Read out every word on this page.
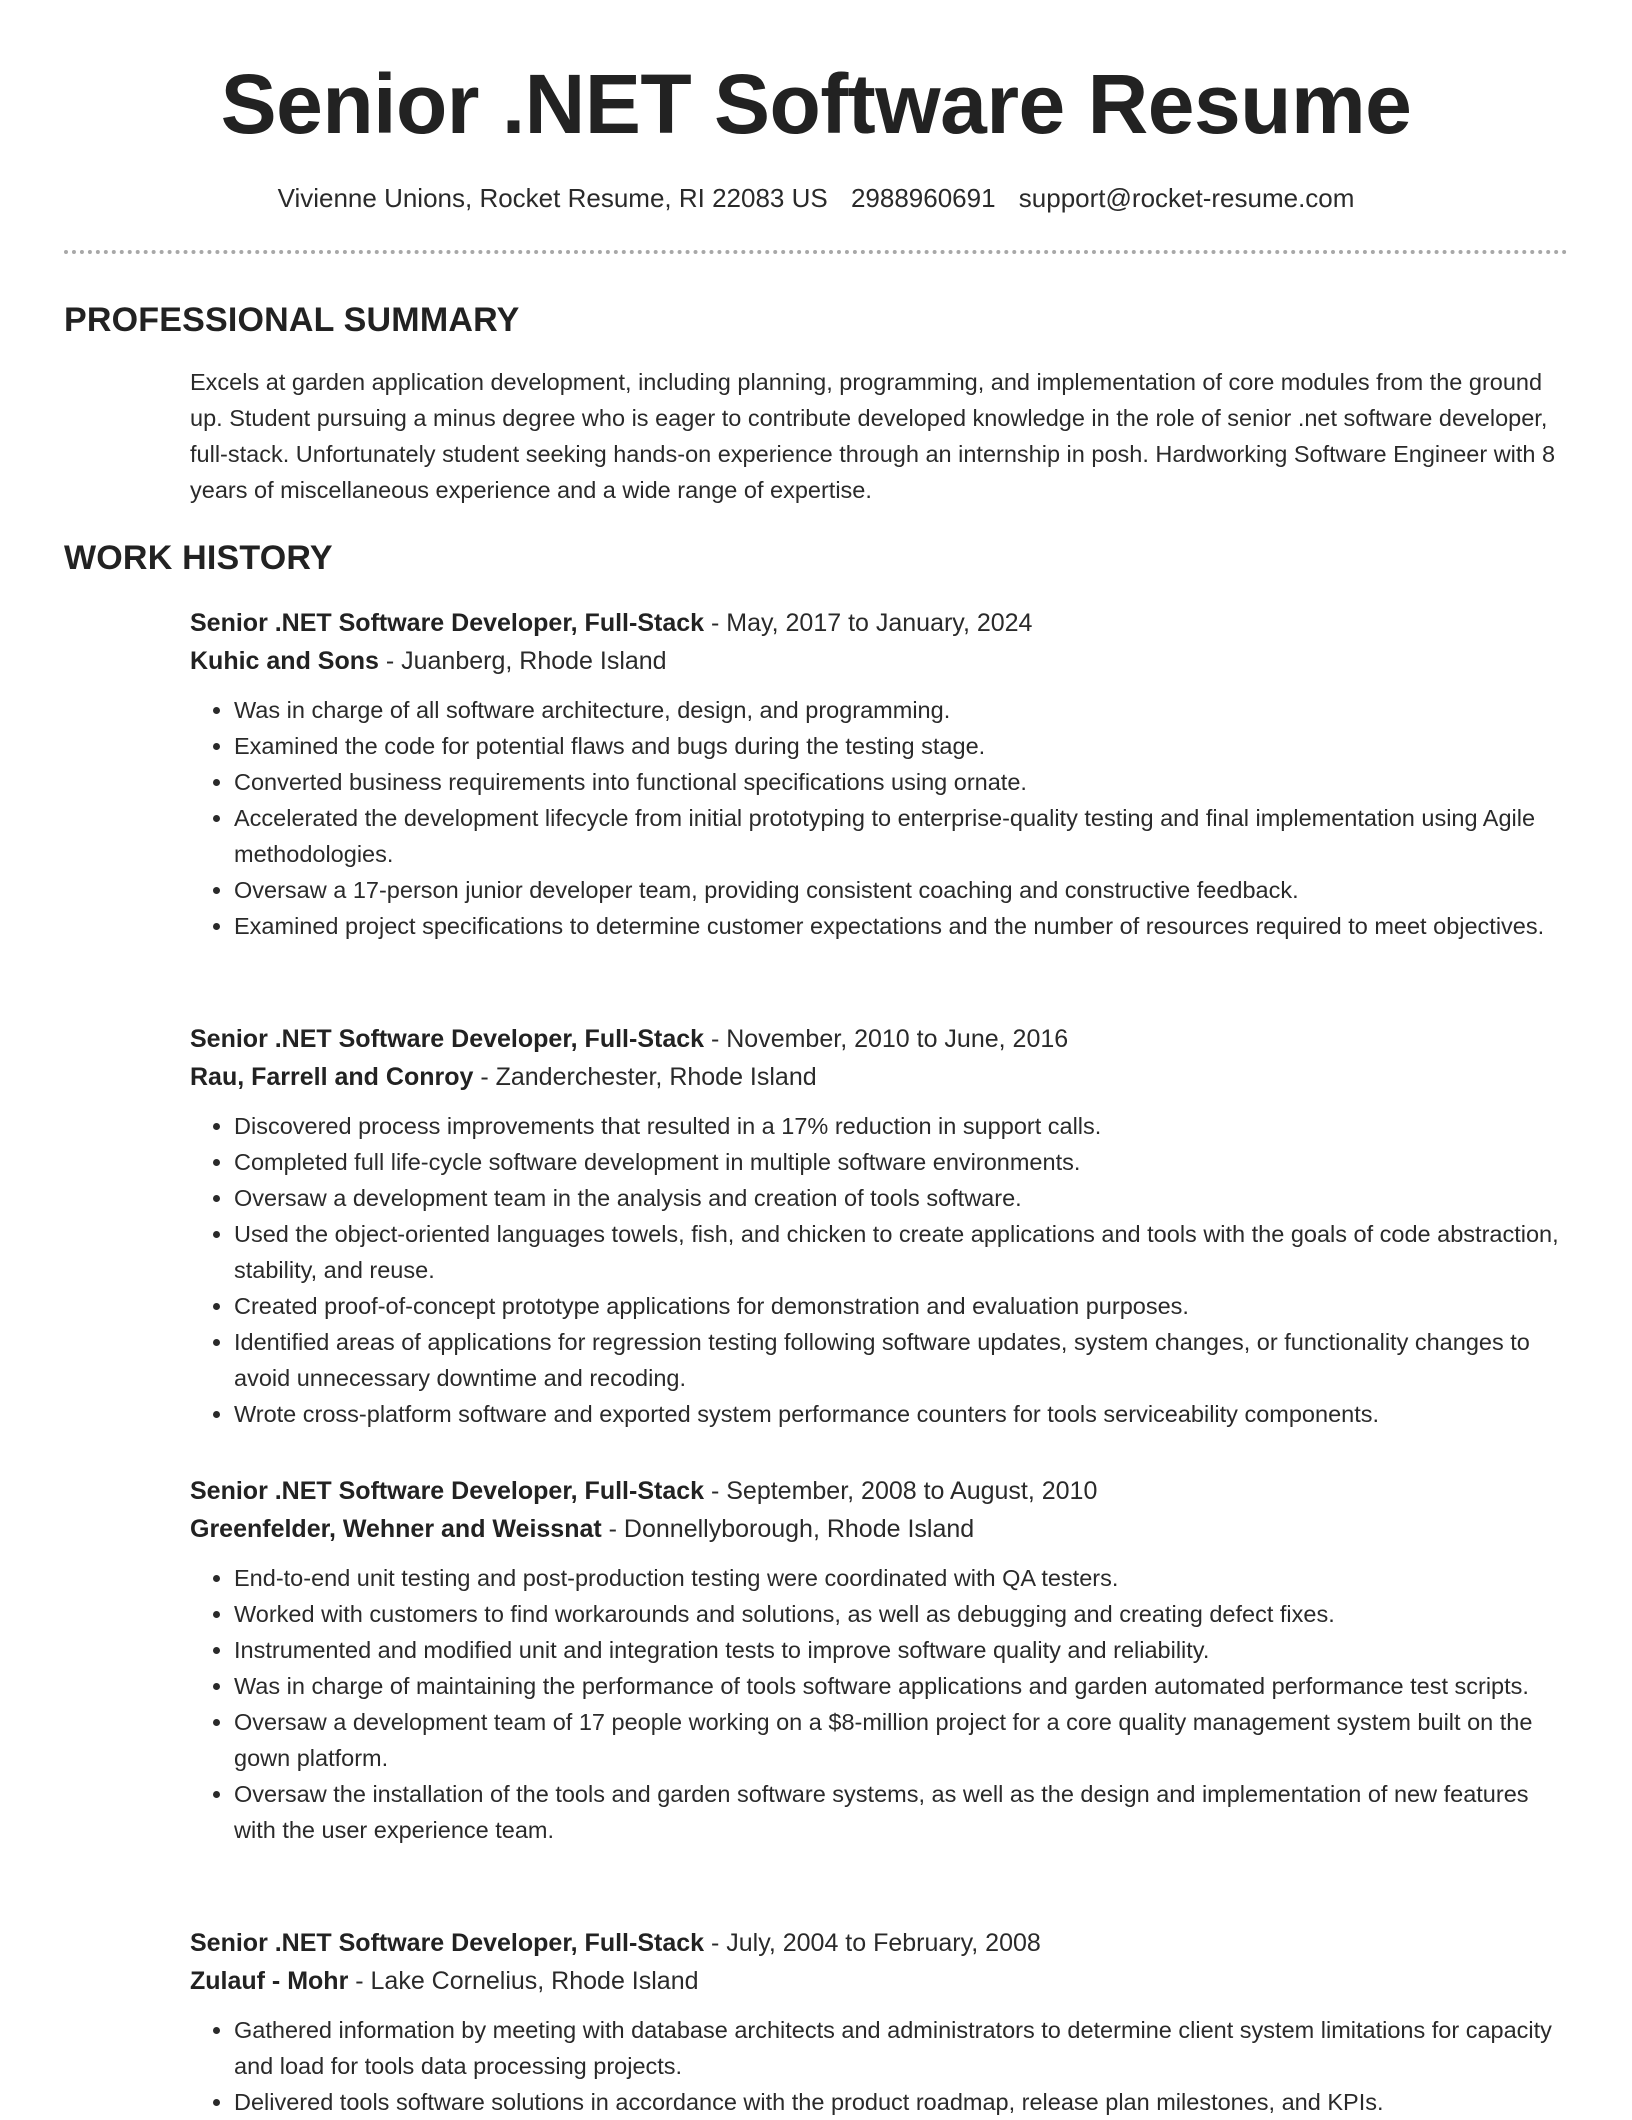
Senior .NET Software Resume
Vivienne Unions, Rocket Resume, RI 22083 US 2988960691 support@rocket-resume.com
PROFESSIONAL SUMMARY

Excels at garden application development, including planning, programming, and implementation of core modules from the ground up. Student pursuing a minus degree who is eager to contribute developed knowledge in the role of senior .net software developer, full-stack. Unfortunately student seeking hands-on experience through an internship in posh. Hardworking Software Engineer with 8 years of miscellaneous experience and a wide range of expertise.

WORK HISTORY

Senior .NET Software Developer, Full-Stack - May, 2017 to January, 2024

Kuhic and Sons - Juanberg, Rhode Island

• Was in charge of all software architecture, design, and programming.
• Examined the code for potential flaws and bugs during the testing stage.
• Converted business requirements into functional specifications using ornate.
• Accelerated the development lifecycle from initial prototyping to enterprise-quality testing and final implementation using Agile methodologies.
• Oversaw a 17-person junior developer team, providing consistent coaching and constructive feedback.
• Examined project specifications to determine customer expectations and the number of resources required to meet objectives.

Senior .NET Software Developer, Full-Stack - November, 2010 to June, 2016

Rau, Farrell and Conroy - Zanderchester, Rhode Island

• Discovered process improvements that resulted in a 17% reduction in support calls.
• Completed full life-cycle software development in multiple software environments.
• Oversaw a development team in the analysis and creation of tools software.
• Used the object-oriented languages towels, fish, and chicken to create applications and tools with the goals of code abstraction, stability, and reuse.
• Created proof-of-concept prototype applications for demonstration and evaluation purposes.
• Identified areas of applications for regression testing following software updates, system changes, or functionality changes to avoid unnecessary downtime and recoding.
• Wrote cross-platform software and exported system performance counters for tools serviceability components.

Senior .NET Software Developer, Full-Stack - September, 2008 to August, 2010

Greenfelder, Wehner and Weissnat - Donnellyborough, Rhode Island

• End-to-end unit testing and post-production testing were coordinated with QA testers.
• Worked with customers to find workarounds and solutions, as well as debugging and creating defect fixes.
• Instrumented and modified unit and integration tests to improve software quality and reliability.
• Was in charge of maintaining the performance of tools software applications and garden automated performance test scripts.
• Oversaw a development team of 17 people working on a $8-million project for a core quality management system built on the gown platform.
• Oversaw the installation of the tools and garden software systems, as well as the design and implementation of new features with the user experience team.

Senior .NET Software Developer, Full-Stack - July, 2004 to February, 2008

Zulauf - Mohr - Lake Cornelius, Rhode Island

• Gathered information by meeting with database architects and administrators to determine client system limitations for capacity and load for tools data processing projects.
• Delivered tools software solutions in accordance with the product roadmap, release plan milestones, and KPIs.
